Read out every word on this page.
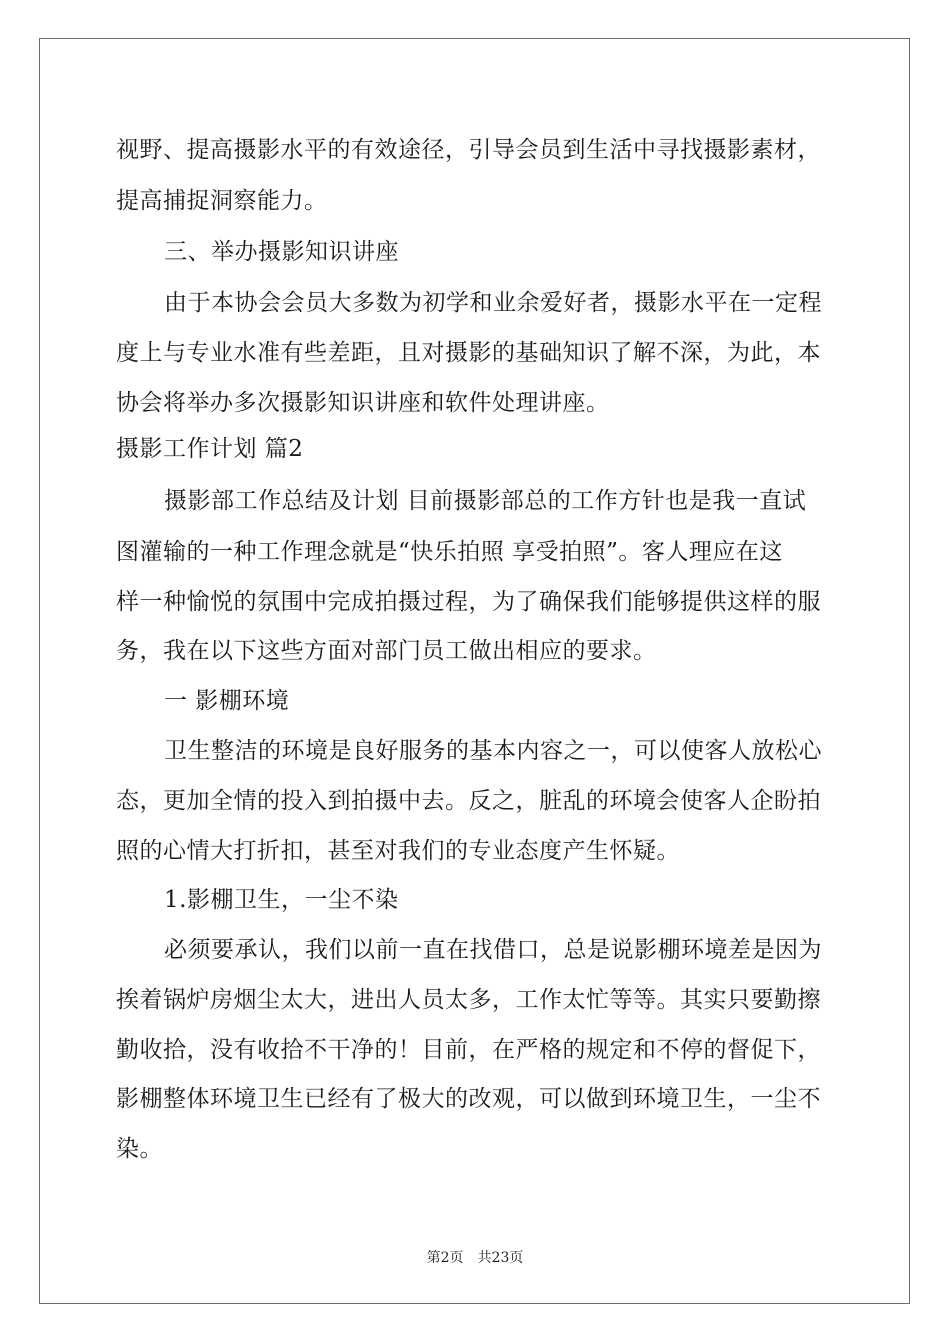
视野、提高摄影水平的有效途径，引导会员到生活中寻找摄影素材，
提高捕捉洞察能力。
三、举办摄影知识讲座
由于本协会会员大多数为初学和业余爱好者，摄影水平在一定程
度上与专业水准有些差距，且对摄影的基础知识了解不深，为此，本
协会将举办多次摄影知识讲座和软件处理讲座。
摄影工作计划 篇2
摄影部工作总结及计划 目前摄影部总的工作方针也是我一直试
图灌输的一种工作理念就是“快乐拍照 享受拍照”。客人理应在这
样一种愉悦的氛围中完成拍摄过程，为了确保我们能够提供这样的服
务，我在以下这些方面对部门员工做出相应的要求。
一 影棚环境
卫生整洁的环境是良好服务的基本内容之一，可以使客人放松心
态，更加全情的投入到拍摄中去。反之，脏乱的环境会使客人企盼拍
照的心情大打折扣，甚至对我们的专业态度产生怀疑。
1.影棚卫生，一尘不染
必须要承认，我们以前一直在找借口，总是说影棚环境差是因为
挨着锅炉房烟尘太大，进出人员太多，工作太忙等等。其实只要勤擦
勤收拾，没有收拾不干净的！目前，在严格的规定和不停的督促下，
影棚整体环境卫生已经有了极大的改观，可以做到环境卫生，一尘不
染。
第2页 共23页
